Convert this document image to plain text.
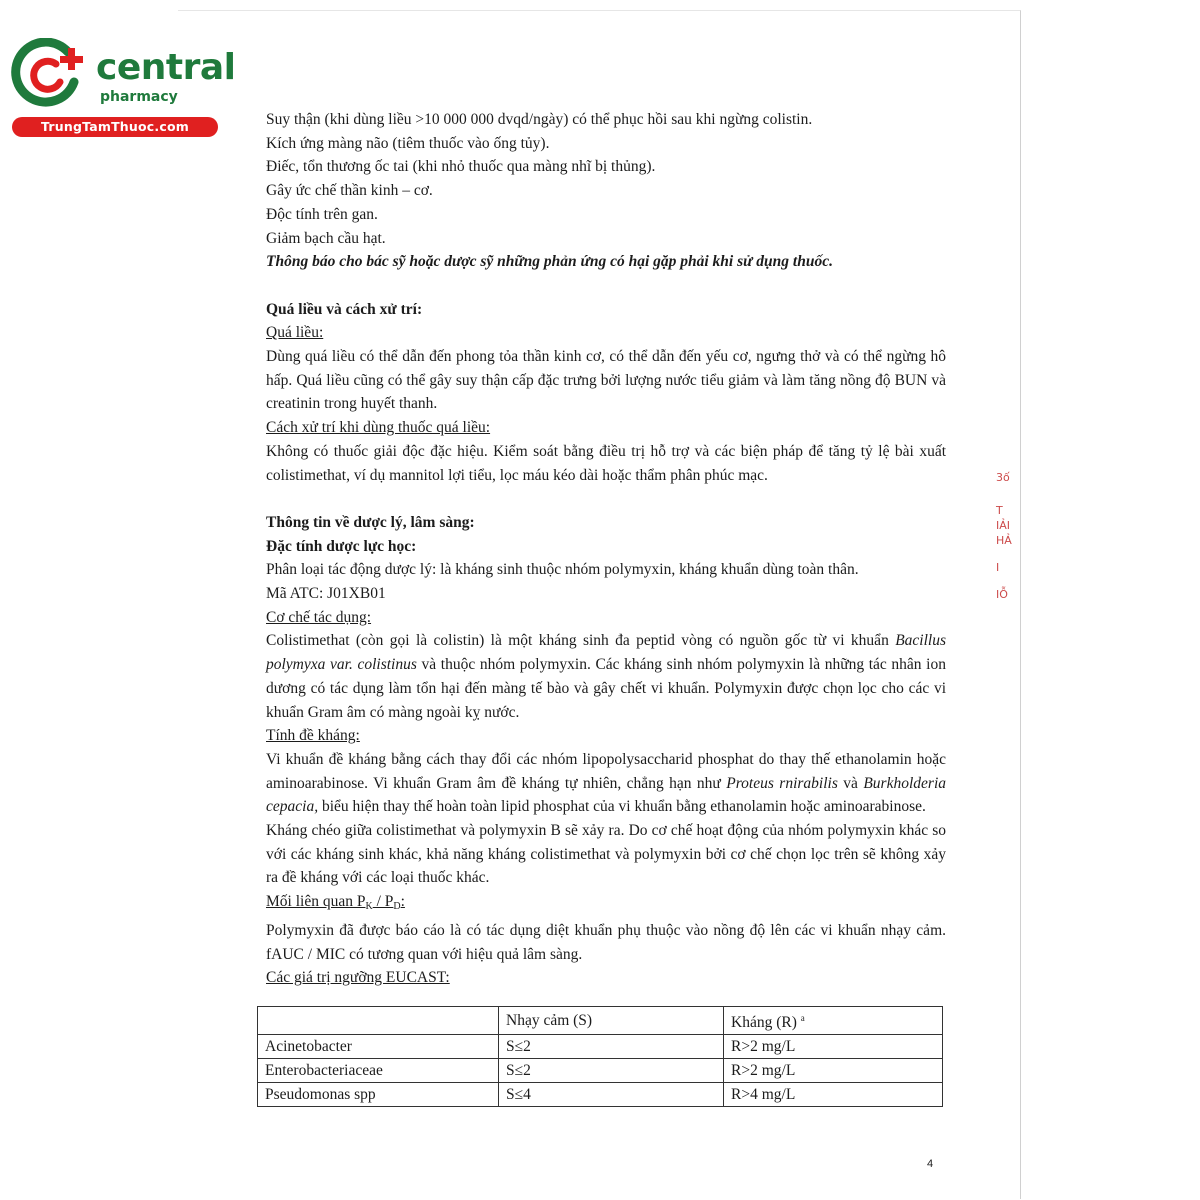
central
pharmacy
TrungTamThuoc.com	Suy thận (khi dùng liều >10 000 000 dvqd/ngày) có thể phục hồi sau khi ngừng colistin.

Kích ứng màng não (tiêm thuốc vào ống tủy).

Điếc, tổn thương ốc tai (khi nhỏ thuốc qua màng nhĩ bị thủng).

Gây ức chế thần kinh – cơ.

Độc tính trên gan.

Giảm bạch cầu hạt.

Thông báo cho bác sỹ hoặc dược sỹ những phản ứng có hại gặp phải khi sử dụng thuốc.

Quá liều và cách xử trí:

Quá liều:

Dùng quá liều có thể dẫn đến phong tỏa thần kinh cơ, có thể dẫn đến yếu cơ, ngưng thở và có thể ngừng hô hấp. Quá liều cũng có thể gây suy thận cấp đặc trưng bởi lượng nước tiểu giảm và làm tăng nồng độ BUN và creatinin trong huyết thanh.

Cách xử trí khi dùng thuốc quá liều:

Không có thuốc giải độc đặc hiệu. Kiểm soát bằng điều trị hỗ trợ và các biện pháp để tăng tỷ lệ bài xuất colistimethat, ví dụ mannitol lợi tiểu, lọc máu kéo dài hoặc thẩm phân phúc mạc.

Thông tin về dược lý, lâm sàng:

Đặc tính dược lực học:

Phân loại tác động dược lý: là kháng sinh thuộc nhóm polymyxin, kháng khuẩn dùng toàn thân.

Mã ATC: J01XB01

Cơ chế tác dụng:

Colistimethat (còn gọi là colistin) là một kháng sinh đa peptid vòng có nguồn gốc từ vi khuẩn Bacillus polymyxa var. colistinus và thuộc nhóm polymyxin. Các kháng sinh nhóm polymyxin là những tác nhân ion dương có tác dụng làm tổn hại đến màng tế bào và gây chết vi khuẩn. Polymyxin được chọn lọc cho các vi khuẩn Gram âm có màng ngoài kỵ nước.

Tính đề kháng:

Vi khuẩn đề kháng bằng cách thay đổi các nhóm lipopolysaccharid phosphat do thay thế ethanolamin hoặc aminoarabinose. Vi khuẩn Gram âm đề kháng tự nhiên, chẳng hạn như Proteus rnirabilis và Burkholderia cepacia, biểu hiện thay thế hoàn toàn lipid phosphat của vi khuẩn bằng ethanolamin hoặc aminoarabinose.

Kháng chéo giữa colistimethat và polymyxin B sẽ xảy ra. Do cơ chế hoạt động của nhóm polymyxin khác so với các kháng sinh khác, khả năng kháng colistimethat và polymyxin bởi cơ chế chọn lọc trên sẽ không xảy ra đề kháng với các loại thuốc khác.

Mối liên quan $P_K / P_D$:

Polymyxin đã được báo cáo là có tác dụng diệt khuẩn phụ thuộc vào nồng độ lên các vi khuẩn nhạy cảm. fAUC / MIC có tương quan với hiệu quả lâm sàng.

Các giá trị ngưỡng EUCAST:

	Nhạy cảm (S)	Kháng (R) $^a$
Acinetobacter	S≤2	R>2 mg/L
Enterobacteriaceae	S≤2	R>2 mg/L
Pseudomonas spp	S≤4	R>4 mg/L
3ố
T
IẢI
HẢ
I
IỖ
4
